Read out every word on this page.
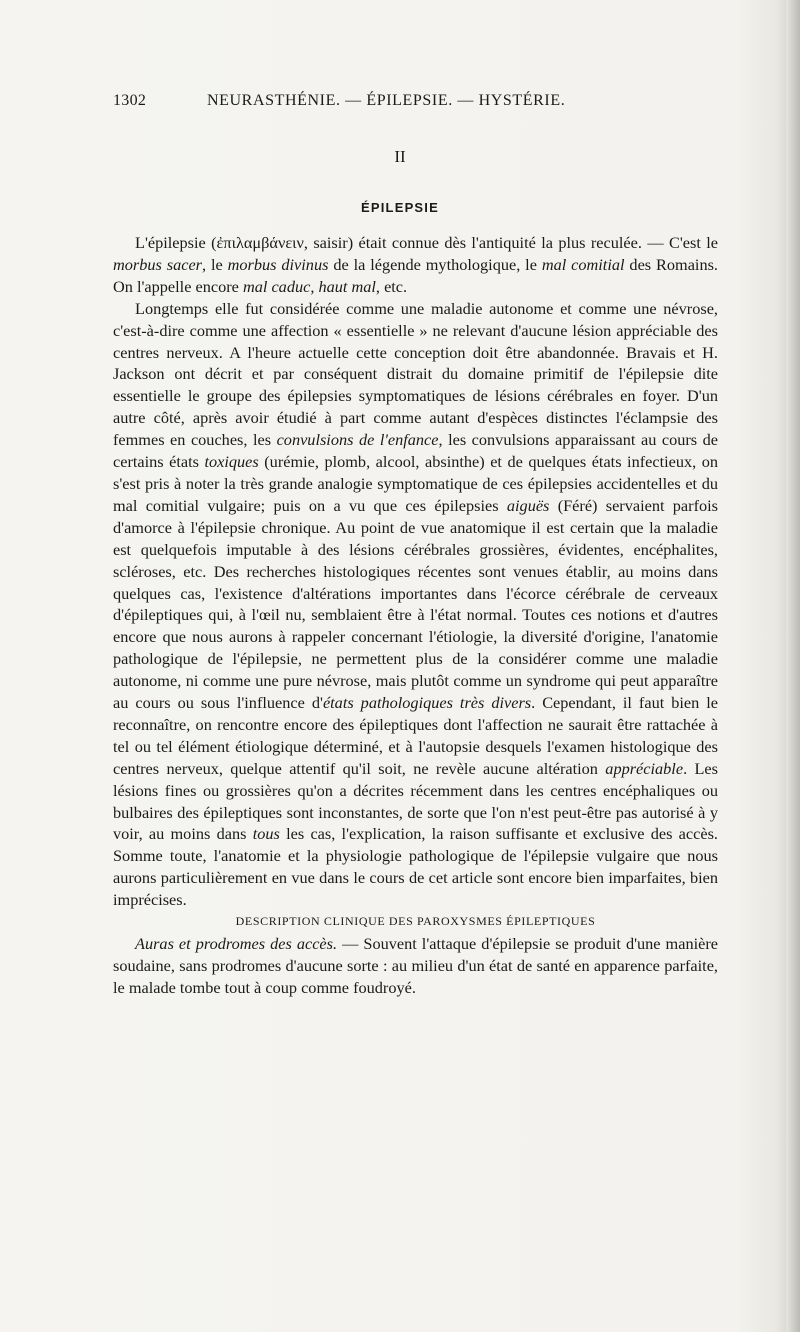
1302	NEURASTHÉNIE. — ÉPILEPSIE. — HYSTÉRIE.
II
ÉPILEPSIE

L'épilepsie (ἐπιλαμβάνειν, saisir) était connue dès l'antiquité la plus reculée. — C'est le morbus sacer, le morbus divinus de la légende mythologique, le mal comitial des Romains. On l'appelle encore mal caduc, haut mal, etc.

Longtemps elle fut considérée comme une maladie autonome et comme une névrose, c'est-à-dire comme une affection « essentielle » ne relevant d'aucune lésion appréciable des centres nerveux. A l'heure actuelle cette conception doit être abandonnée. Bravais et H. Jackson ont décrit et par conséquent distrait du domaine primitif de l'épilepsie dite essentielle le groupe des épilepsies symptomatiques de lésions cérébrales en foyer. D'un autre côté, après avoir étudié à part comme autant d'espèces distinctes l'éclampsie des femmes en couches, les convulsions de l'enfance, les convulsions apparaissant au cours de certains états toxiques (urémie, plomb, alcool, absinthe) et de quelques états infectieux, on s'est pris à noter la très grande analogie symptomatique de ces épilepsies accidentelles et du mal comitial vulgaire; puis on a vu que ces épilepsies aiguës (Féré) servaient parfois d'amorce à l'épilepsie chronique. Au point de vue anatomique il est certain que la maladie est quelquefois imputable à des lésions cérébrales grossières, évidentes, encéphalites, scléroses, etc. Des recherches histologiques récentes sont venues établir, au moins dans quelques cas, l'existence d'altérations importantes dans l'écorce cérébrale de cerveaux d'épileptiques qui, à l'œil nu, semblaient être à l'état normal. Toutes ces notions et d'autres encore que nous aurons à rappeler concernant l'étiologie, la diversité d'origine, l'anatomie pathologique de l'épilepsie, ne permettent plus de la considérer comme une maladie autonome, ni comme une pure névrose, mais plutôt comme un syndrome qui peut apparaître au cours ou sous l'influence d'états pathologiques très divers. Cependant, il faut bien le reconnaître, on rencontre encore des épileptiques dont l'affection ne saurait être rattachée à tel ou tel élément étiologique déterminé, et à l'autopsie desquels l'examen histologique des centres nerveux, quelque attentif qu'il soit, ne revèle aucune altération appréciable. Les lésions fines ou grossières qu'on a décrites récemment dans les centres encéphaliques ou bulbaires des épileptiques sont inconstantes, de sorte que l'on n'est peut-être pas autorisé à y voir, au moins dans tous les cas, l'explication, la raison suffisante et exclusive des accès. Somme toute, l'anatomie et la physiologie pathologique de l'épilepsie vulgaire que nous aurons particulièrement en vue dans le cours de cet article sont encore bien imparfaites, bien imprécises.

DESCRIPTION CLINIQUE DES PAROXYSMES ÉPILEPTIQUES

Auras et prodromes des accès. — Souvent l'attaque d'épilepsie se produit d'une manière soudaine, sans prodromes d'aucune sorte : au milieu d'un état de santé en apparence parfaite, le malade tombe tout à coup comme foudroyé.
